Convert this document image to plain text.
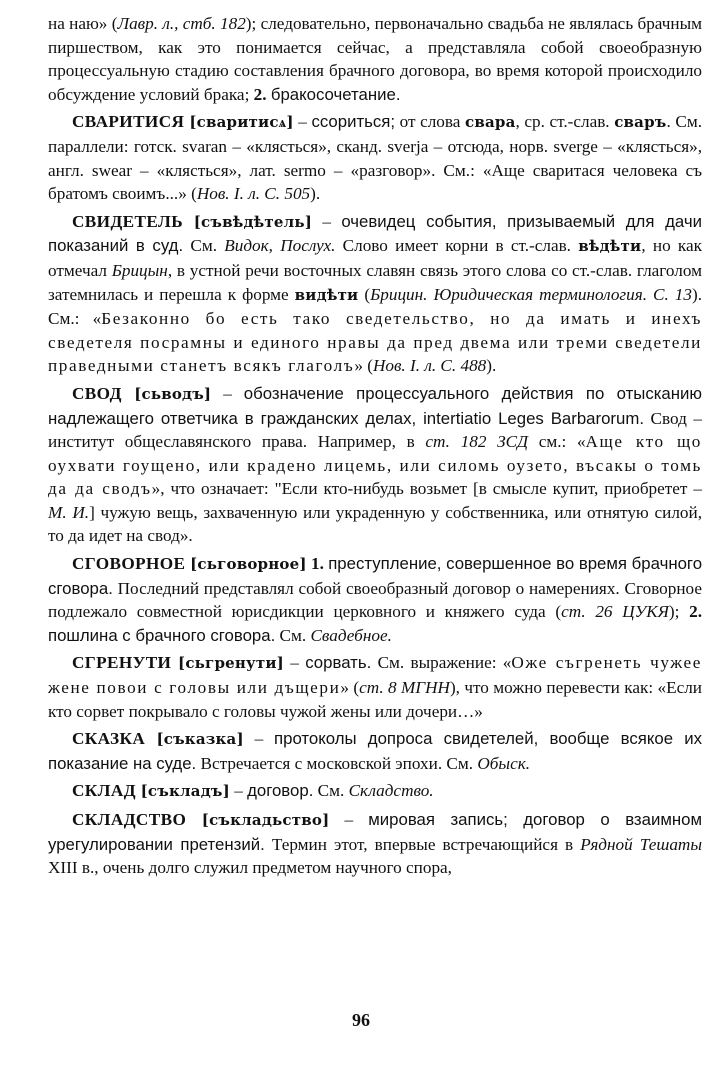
на наю» (Лавр. л., стб. 182); следовательно, первоначально свадьба не являлась брачным пиршеством, как это понимается сейчас, а представляла собой своеобразную процессуальную стадию составления брачного договора, во время которой происходило обсуждение условий брака; 2. бракосочетание.

СВАРИТИСЯ [свaритисѧ] – ссориться; от слова свaра, ср. ст.-слав. сваръ. См. параллели: готск. svaran – «клясться», сканд. sverja – отсюда, норв. sverge – «клясться», англ. swear – «клясться», лат. sermo – «разговор». См.: «Аще сваритася человека съ братомъ своимъ...» (Нов. I. л. С. 505).

СВИДЕТЕЛЬ [съвѣдѣтель] – очевидец события, призываемый для дачи показаний в суд. См. Видок, Послух. Слово имеет корни в ст.-слав. вѣдѣти, но как отмечал Брицын, в устной речи восточных славян связь этого слова со ст.-слав. глаголом затемнилась и перешла к форме видѣти (Брицин. Юридическая терминология. С. 13). См.: «Безаконно бо есть тако сведетельство, но да имать и инехъ сведетеля посрамны и единого нравы да пред двема или треми сведетели праведными станетъ всякъ глаголъ» (Нов. I. л. С. 488).

СВОД [сьводъ] – обозначение процессуального действия по отысканию надлежащего ответчика в гражданских делах, intertiatio Leges Barbarorum. Свод – институт общеславянского права. Например, в ст. 182 ЗСД см.: «Аще кто що оухвати гоущено, или крадено лицемь, или силомь оузето, въсакы о томь да да сводъ», что означает: "Если кто-нибудь возьмет [в смысле купит, приобретет – М. И.] чужую вещь, захваченную или украденную у собственника, или отнятую силой, то да идет на свод».

СГОВОРНОЕ [сьговорное] 1. преступление, совершенное во время брачного сговора. Последний представлял собой своеобразный договор о намерениях. Сговорное подлежало совместной юрисдикции церковного и княжего суда (ст. 26 ЦУКЯ); 2. пошлина с брачного сговора. См. Свадебное.

СГРЕНУТИ [сьгренути] – сорвать. См. выражение: «Оже съгренеть чужее жене повои с головы или дъщери» (ст. 8 МГНН), что можно перевести как: «Если кто сорвет покрывало с головы чужой жены или дочери…»

СКАЗКА [съказка] – протоколы допроса свидетелей, вообще всякое их показание на суде. Встречается с московской эпохи. См. Обыск.

СКЛАД [съкладъ] – договор. См. Складство.

СКЛАДСТВО [съкладьство] – мировая запись; договор о взаимном урегулировании претензий. Термин этот, впервые встречающийся в Рядной Тешаты XIII в., очень долго служил предметом научного спора,

96
